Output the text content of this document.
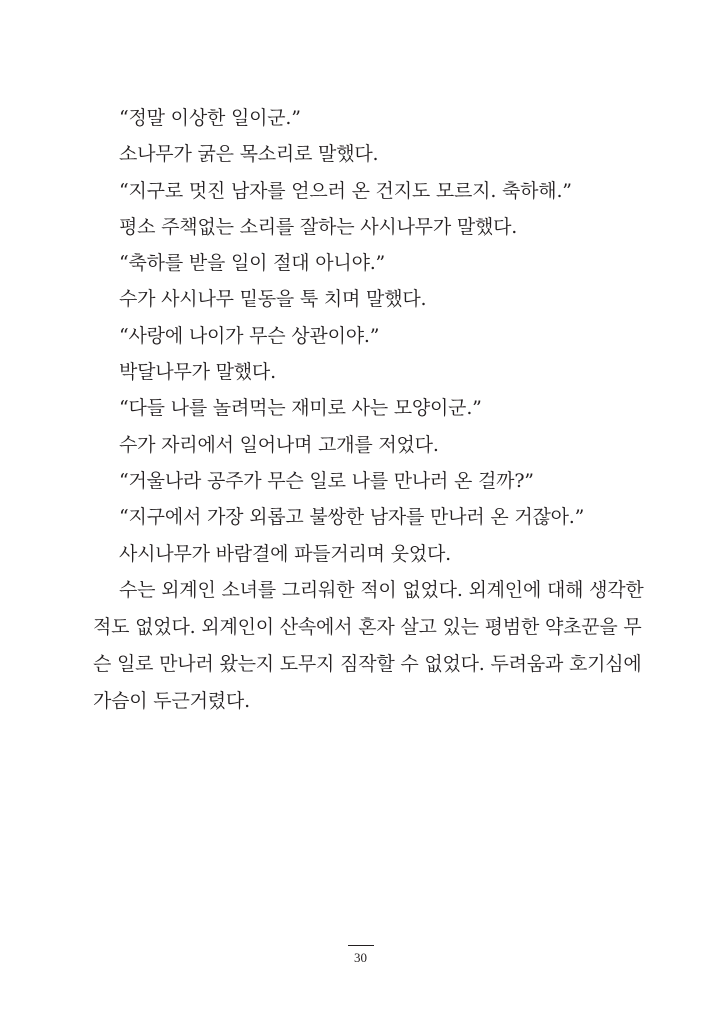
“정말 이상한 일이군.”
소나무가 굵은 목소리로 말했다.
“지구로 멋진 남자를 얻으러 온 건지도 모르지. 축하해.”
평소 주책없는 소리를 잘하는 사시나무가 말했다.
“축하를 받을 일이 절대 아니야.”
수가 사시나무 밑동을 툭 치며 말했다.
“사랑에 나이가 무슨 상관이야.”
박달나무가 말했다.
“다들 나를 놀려먹는 재미로 사는 모양이군.”
수가 자리에서 일어나며 고개를 저었다.
“거울나라 공주가 무슨 일로 나를 만나러 온 걸까?”
“지구에서 가장 외롭고 불쌍한 남자를 만나러 온 거잖아.”
사시나무가 바람결에 파들거리며 웃었다.
수는 외계인 소녀를 그리워한 적이 없었다. 외계인에 대해 생각한
적도 없었다. 외계인이 산속에서 혼자 살고 있는 평범한 약초꾼을 무
슨 일로 만나러 왔는지 도무지 짐작할 수 없었다. 두려움과 호기심에
가슴이 두근거렸다.
30
